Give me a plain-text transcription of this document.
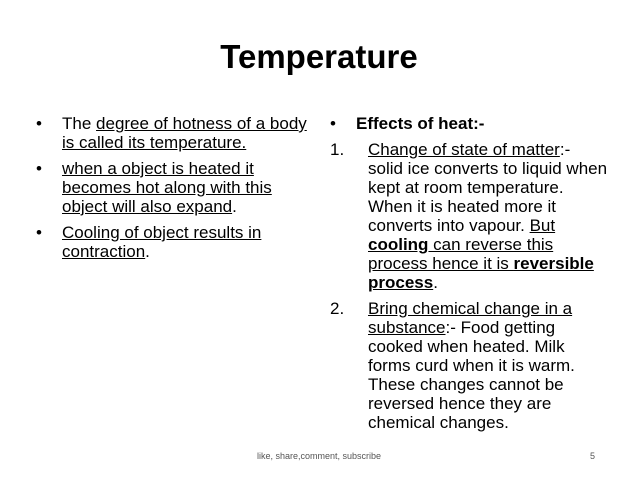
Temperature
• The degree of hotness of a body is called its temperature.
• when a object is heated it becomes hot along with this object will also expand.
• Cooling of object results in contraction.
• Effects of heat:-
1. Change of state of matter:- solid ice converts to liquid when kept at room temperature. When it is heated more it converts into vapour. But cooling can reverse this process hence it is reversible process.
2. Bring chemical change in a substance:- Food getting cooked when heated. Milk forms curd when it is warm. These changes cannot be reversed hence they are chemical changes.
like, share,comment, subscribe	5
